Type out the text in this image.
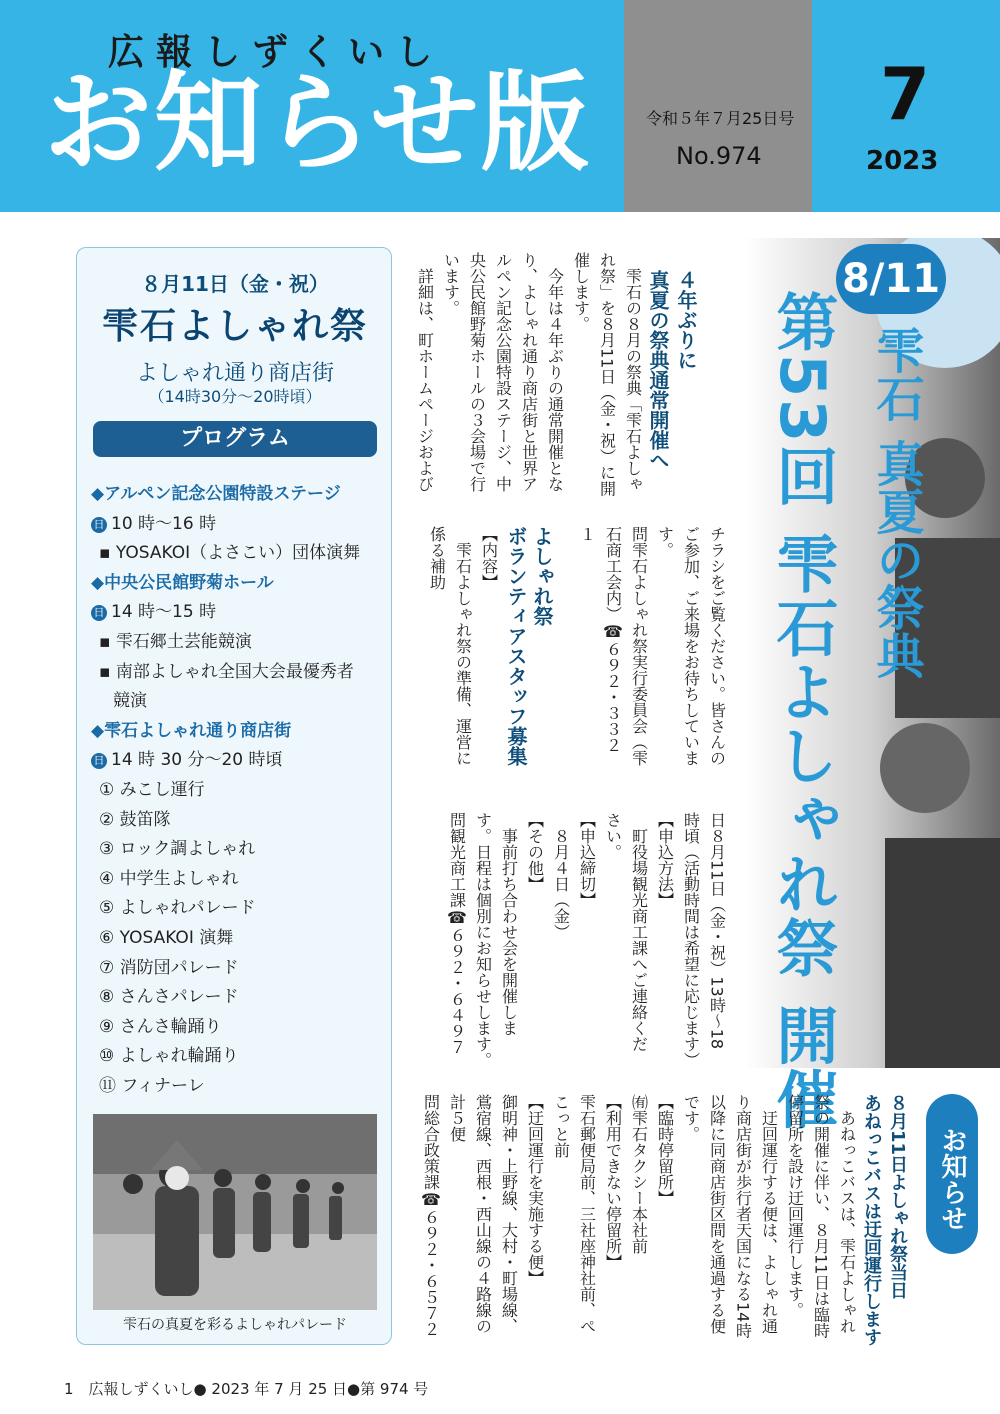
広報しずくいし
お知らせ版	令和５年７月25日号
No.974
7
2023
８月11日（金・祝）
雫石よしゃれ祭
よしゃれ通り商店街
（14時30分～20時頃）
プログラム
◆アルペン記念公園特設ステージ
日 10 時～16 時
▪ YOSAKOI（よさこい）団体演舞
◆中央公民館野菊ホール
日 14 時～15 時
▪ 雫石郷土芸能競演
▪ 南部よしゃれ全国大会最優秀者
競演
◆雫石よしゃれ通り商店街
日 14 時 30 分～20 時頃
① みこし運行
② 鼓笛隊
③ ロック調よしゃれ
④ 中学生よしゃれ
⑤ よしゃれパレード
⑥ YOSAKOI 演舞
⑦ 消防団パレード
⑧ さんさパレード
⑨ さんさ輪踊り
⑩ よしゃれ輪踊り
⑪ フィナーレ
雫石の真夏を彩るよしゃれパレード
４年ぶりに
真夏の祭典通常開催へ
　雫石の８月の祭典「雫石よしゃ
れ祭」を８月11日（金・祝）に開
催します。
　今年は４年ぶりの通常開催とな
り、よしゃれ通り商店街と世界ア
ルペン記念公園特設ステージ、中
央公民館野菊ホールの３会場で行
います。
　詳細は、町ホームページおよび
チラシをご覧ください。皆さんの
ご参加、ご来場をお待ちしていま
す。
問雫石よしゃれ祭実行委員会（雫
石商工会内）☎６９２・３３２
１
よしゃれ祭
ボランティアスタッフ募集
【内容】
　雫石よしゃれ祭の準備、運営に
係る補助
日８月11日（金・祝）13時～18
時頃（活動時間は希望に応じます）
【申込方法】
　町役場観光商工課へご連絡くだ
さい。
【申込締切】
　８月４日（金）
【その他】
　事前打ち合わせ会を開催しま
す。日程は個別にお知らせします。
問観光商工課☎６９２・６４９７
8/11
第53回 雫石よしゃれ祭 開催 雫石 真夏の祭典
お知らせ
８月11日よしゃれ祭当日
あねっこバスは迂回運行します
　あねっこバスは、雫石よしゃれ
祭の開催に伴い、８月11日は臨時
停留所を設け迂回運行します。
　迂回運行する便は、よしゃれ通
り商店街が歩行者天国になる14時
以降に同商店街区間を通過する便
です。
【臨時停留所】
㈲雫石タクシー本社前
【利用できない停留所】
雫石郵便局前、三社座神社前、ぺ
こっと前
【迂回運行を実施する便】
御明神・上野線、大村・町場線、
鴬宿線、西根・西山線の４路線の
計５便
問総合政策課☎６９２・６５７２
1　広報しずくいし● 2023 年 7 月 25 日●第 974 号
